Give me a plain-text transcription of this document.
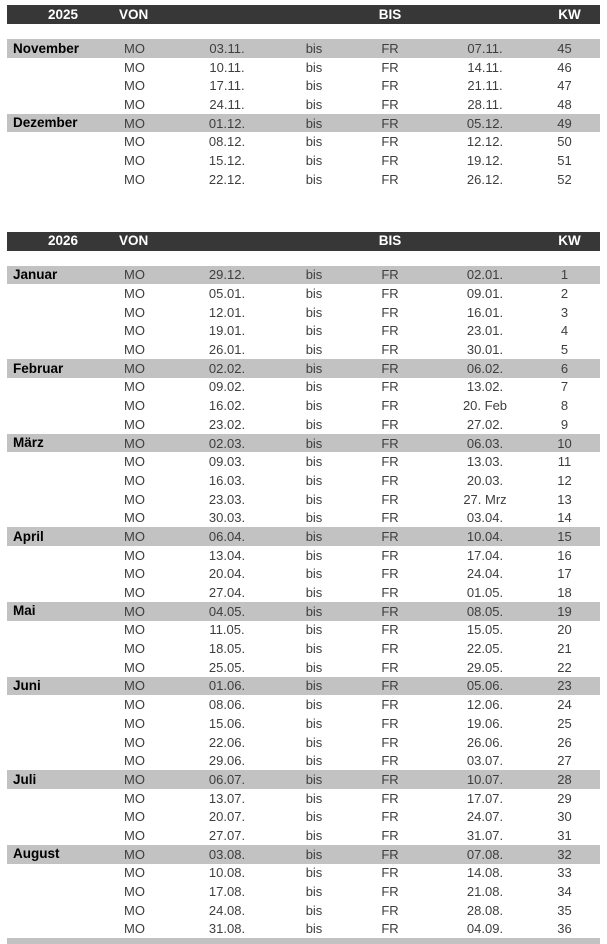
2025	VON			BIS		KW

November	MO	03.11.	bis	FR	07.11.	45
	MO	10.11.	bis	FR	14.11.	46
	MO	17.11.	bis	FR	21.11.	47
	MO	24.11.	bis	FR	28.11.	48
Dezember	MO	01.12.	bis	FR	05.12.	49
	MO	08.12.	bis	FR	12.12.	50
	MO	15.12.	bis	FR	19.12.	51
	MO	22.12.	bis	FR	26.12.	52
2026	VON			BIS		KW

Januar	MO	29.12.	bis	FR	02.01.	1
	MO	05.01.	bis	FR	09.01.	2
	MO	12.01.	bis	FR	16.01.	3
	MO	19.01.	bis	FR	23.01.	4
	MO	26.01.	bis	FR	30.01.	5
Februar	MO	02.02.	bis	FR	06.02.	6
	MO	09.02.	bis	FR	13.02.	7
	MO	16.02.	bis	FR	20. Feb	8
	MO	23.02.	bis	FR	27.02.	9
März	MO	02.03.	bis	FR	06.03.	10
	MO	09.03.	bis	FR	13.03.	11
	MO	16.03.	bis	FR	20.03.	12
	MO	23.03.	bis	FR	27. Mrz	13
	MO	30.03.	bis	FR	03.04.	14
April	MO	06.04.	bis	FR	10.04.	15
	MO	13.04.	bis	FR	17.04.	16
	MO	20.04.	bis	FR	24.04.	17
	MO	27.04.	bis	FR	01.05.	18
Mai	MO	04.05.	bis	FR	08.05.	19
	MO	11.05.	bis	FR	15.05.	20
	MO	18.05.	bis	FR	22.05.	21
	MO	25.05.	bis	FR	29.05.	22
Juni	MO	01.06.	bis	FR	05.06.	23
	MO	08.06.	bis	FR	12.06.	24
	MO	15.06.	bis	FR	19.06.	25
	MO	22.06.	bis	FR	26.06.	26
	MO	29.06.	bis	FR	03.07.	27
Juli	MO	06.07.	bis	FR	10.07.	28
	MO	13.07.	bis	FR	17.07.	29
	MO	20.07.	bis	FR	24.07.	30
	MO	27.07.	bis	FR	31.07.	31
August	MO	03.08.	bis	FR	07.08.	32
	MO	10.08.	bis	FR	14.08.	33
	MO	17.08.	bis	FR	21.08.	34
	MO	24.08.	bis	FR	28.08.	35
	MO	31.08.	bis	FR	04.09.	36
